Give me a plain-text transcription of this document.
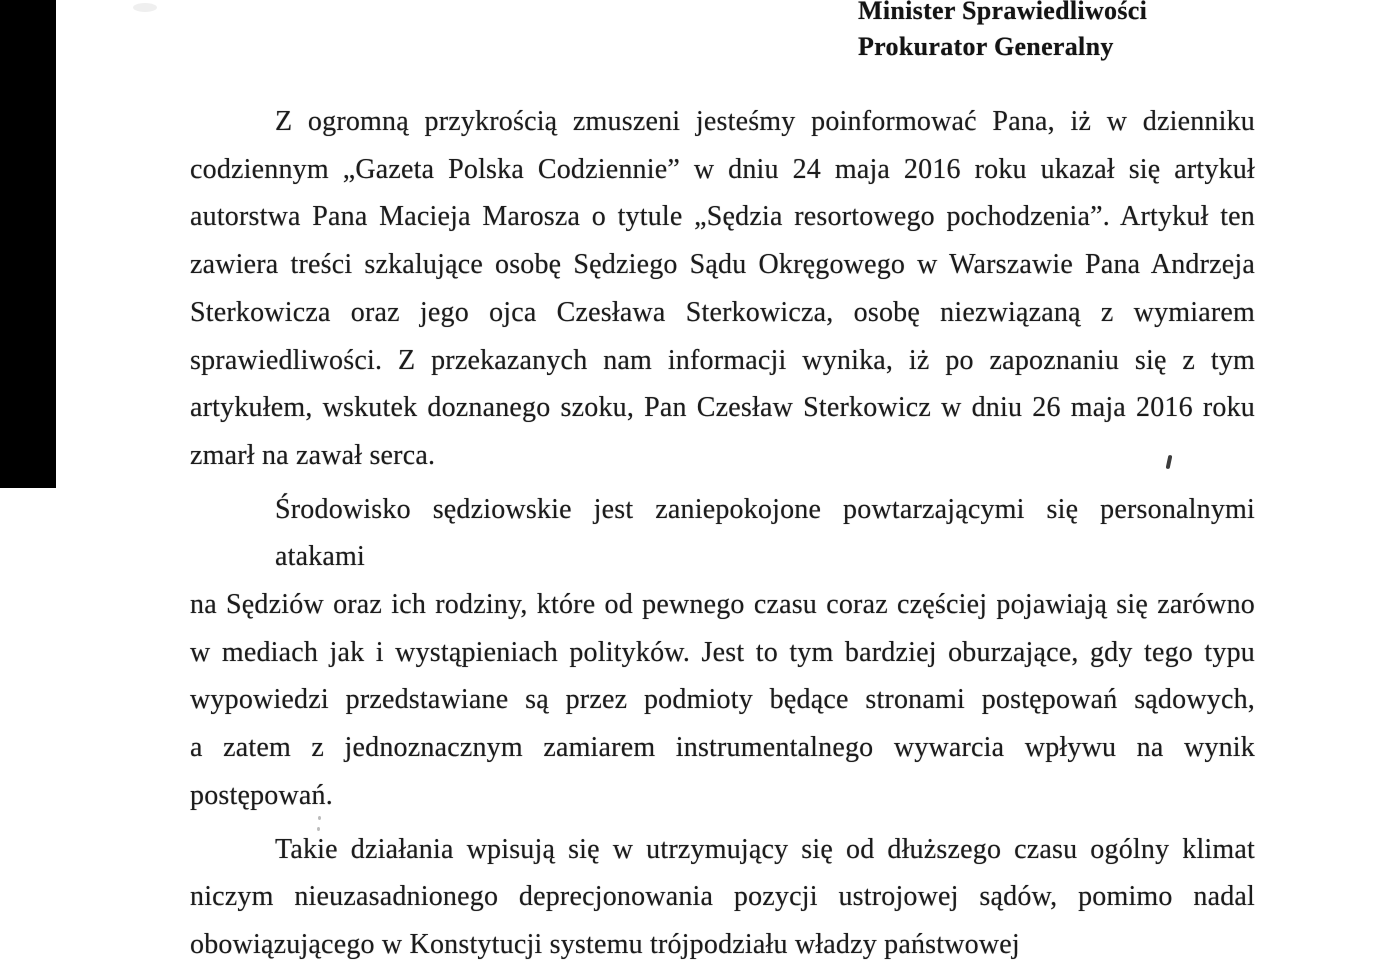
Minister Sprawiedliwości
Prokurator Generalny

Z ogromną przykrością zmuszeni jesteśmy poinformować Pana, iż w dzienniku
codziennym „Gazeta Polska Codziennie” w dniu 24 maja 2016 roku ukazał się artykuł
autorstwa Pana Macieja Marosza o tytule „Sędzia resortowego pochodzenia”. Artykuł ten
zawiera treści szkalujące osobę Sędziego Sądu Okręgowego w Warszawie Pana Andrzeja
Sterkowicza oraz jego ojca Czesława Sterkowicza, osobę niezwiązaną z wymiarem
sprawiedliwości. Z przekazanych nam informacji wynika, iż po zapoznaniu się z tym
artykułem, wskutek doznanego szoku, Pan Czesław Sterkowicz w dniu 26 maja 2016 roku
zmarł na zawał serca.

Środowisko sędziowskie jest zaniepokojone powtarzającymi się personalnymi atakami
na Sędziów oraz ich rodziny, które od pewnego czasu coraz częściej pojawiają się zarówno
w mediach jak i wystąpieniach polityków. Jest to tym bardziej oburzające, gdy tego typu
wypowiedzi przedstawiane są przez podmioty będące stronami postępowań sądowych,
a zatem z jednoznacznym zamiarem instrumentalnego wywarcia wpływu na wynik
postępowań.

Takie działania wpisują się w utrzymujący się od dłuższego czasu ogólny klimat
niczym nieuzasadnionego deprecjonowania pozycji ustrojowej sądów, pomimo nadal
obowiązującego w Konstytucji systemu trójpodziału władzy państwowej
